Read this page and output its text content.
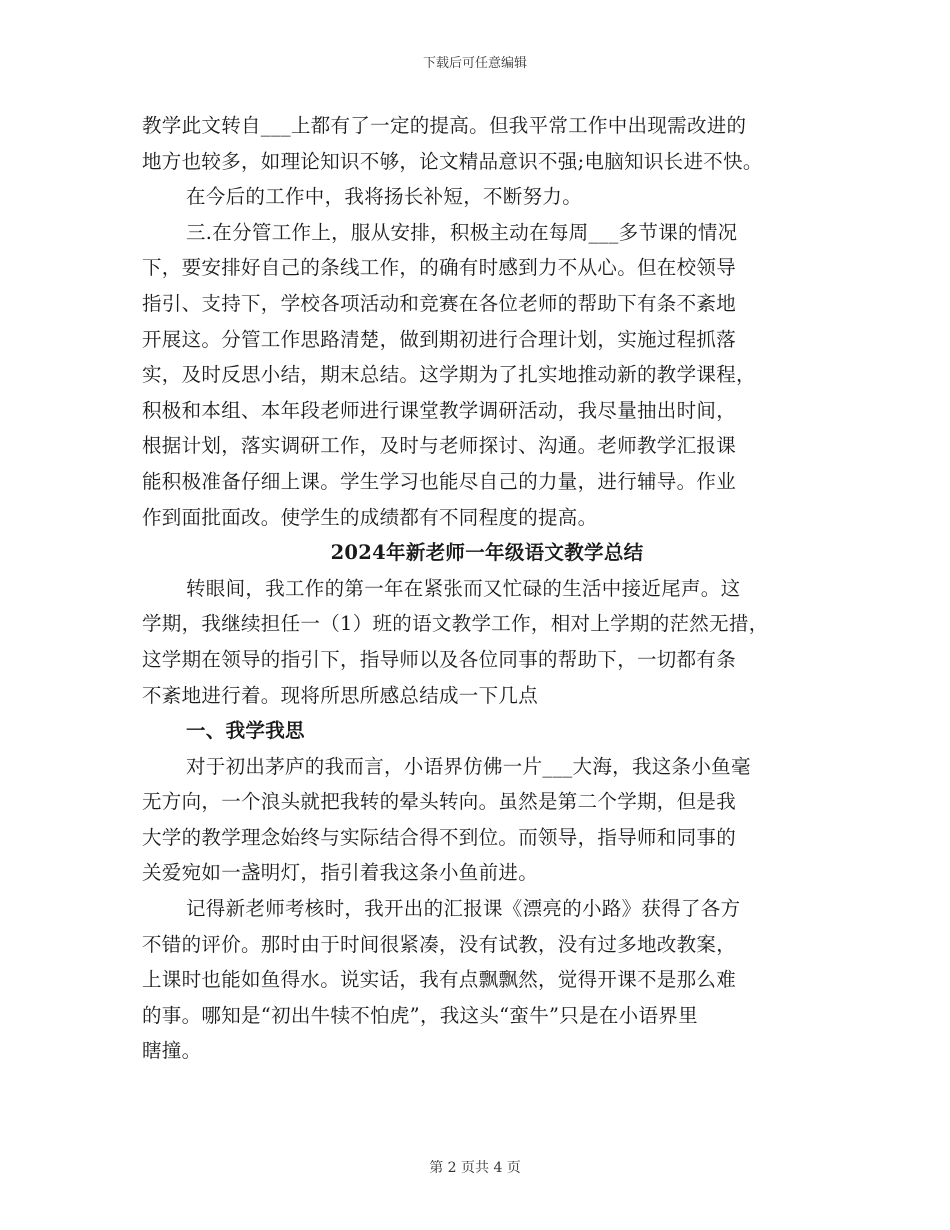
下载后可任意编辑
教学此文转自___上都有了一定的提高。但我平常工作中出现需改进的
地方也较多，如理论知识不够，论文精品意识不强;电脑知识长进不快。
在今后的工作中，我将扬长补短，不断努力。
三.在分管工作上，服从安排，积极主动在每周___多节课的情况
下，要安排好自己的条线工作，的确有时感到力不从心。但在校领导
指引、支持下，学校各项活动和竞赛在各位老师的帮助下有条不紊地
开展这。分管工作思路清楚，做到期初进行合理计划，实施过程抓落
实，及时反思小结，期末总结。这学期为了扎实地推动新的教学课程，
积极和本组、本年段老师进行课堂教学调研活动，我尽量抽出时间，
根据计划，落实调研工作，及时与老师探讨、沟通。老师教学汇报课
能积极准备仔细上课。学生学习也能尽自己的力量，进行辅导。作业
作到面批面改。使学生的成绩都有不同程度的提高。
2024年新老师一年级语文教学总结
转眼间，我工作的第一年在紧张而又忙碌的生活中接近尾声。这
学期，我继续担任一（1）班的语文教学工作，相对上学期的茫然无措，
这学期在领导的指引下，指导师以及各位同事的帮助下，一切都有条
不紊地进行着。现将所思所感总结成一下几点
一、我学我思
对于初出茅庐的我而言，小语界仿佛一片___大海，我这条小鱼毫
无方向，一个浪头就把我转的晕头转向。虽然是第二个学期，但是我
大学的教学理念始终与实际结合得不到位。而领导，指导师和同事的
关爱宛如一盏明灯，指引着我这条小鱼前进。
记得新老师考核时，我开出的汇报课《漂亮的小路》获得了各方
不错的评价。那时由于时间很紧凑，没有试教，没有过多地改教案，
上课时也能如鱼得水。说实话，我有点飘飘然，觉得开课不是那么难
的事。哪知是“初出牛犊不怕虎”，我这头“蛮牛”只是在小语界里
瞎撞。
第 2 页共 4 页
